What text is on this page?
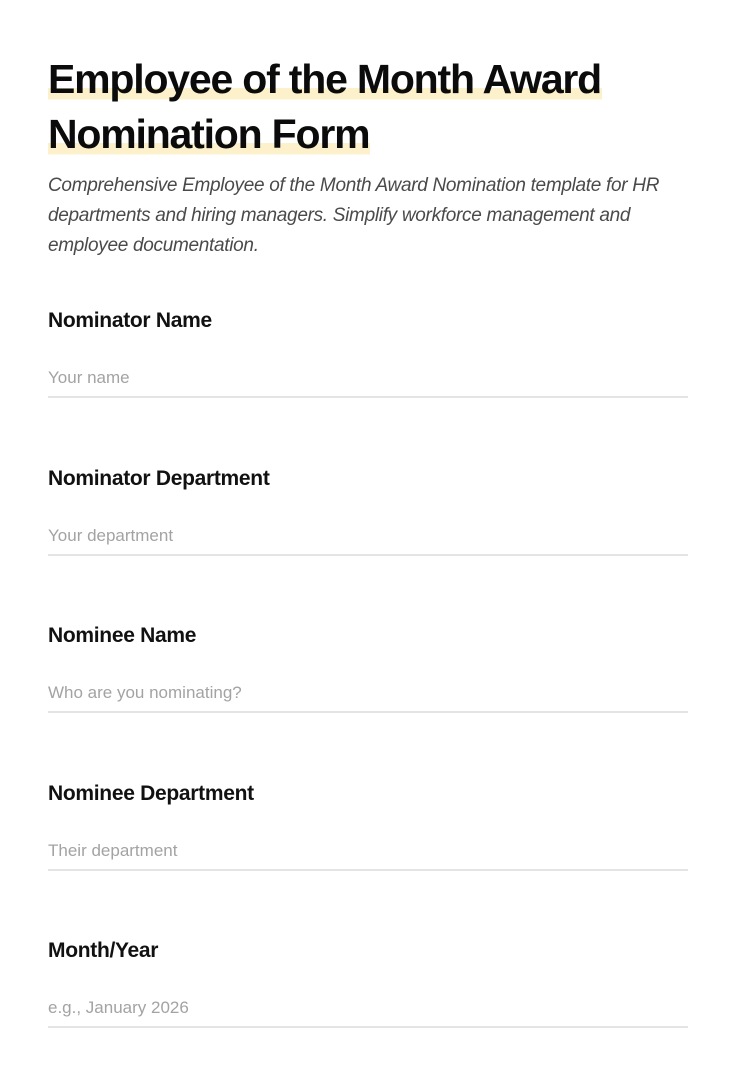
Employee of the Month Award
Nomination Form

Comprehensive Employee of the Month Award Nomination template for HR departments and hiring managers. Simplify workforce management and employee documentation.

Nominator Name
Your name
Nominator Department
Your department
Nominee Name
Who are you nominating?
Nominee Department
Their department
Month/Year
e.g., January 2026
